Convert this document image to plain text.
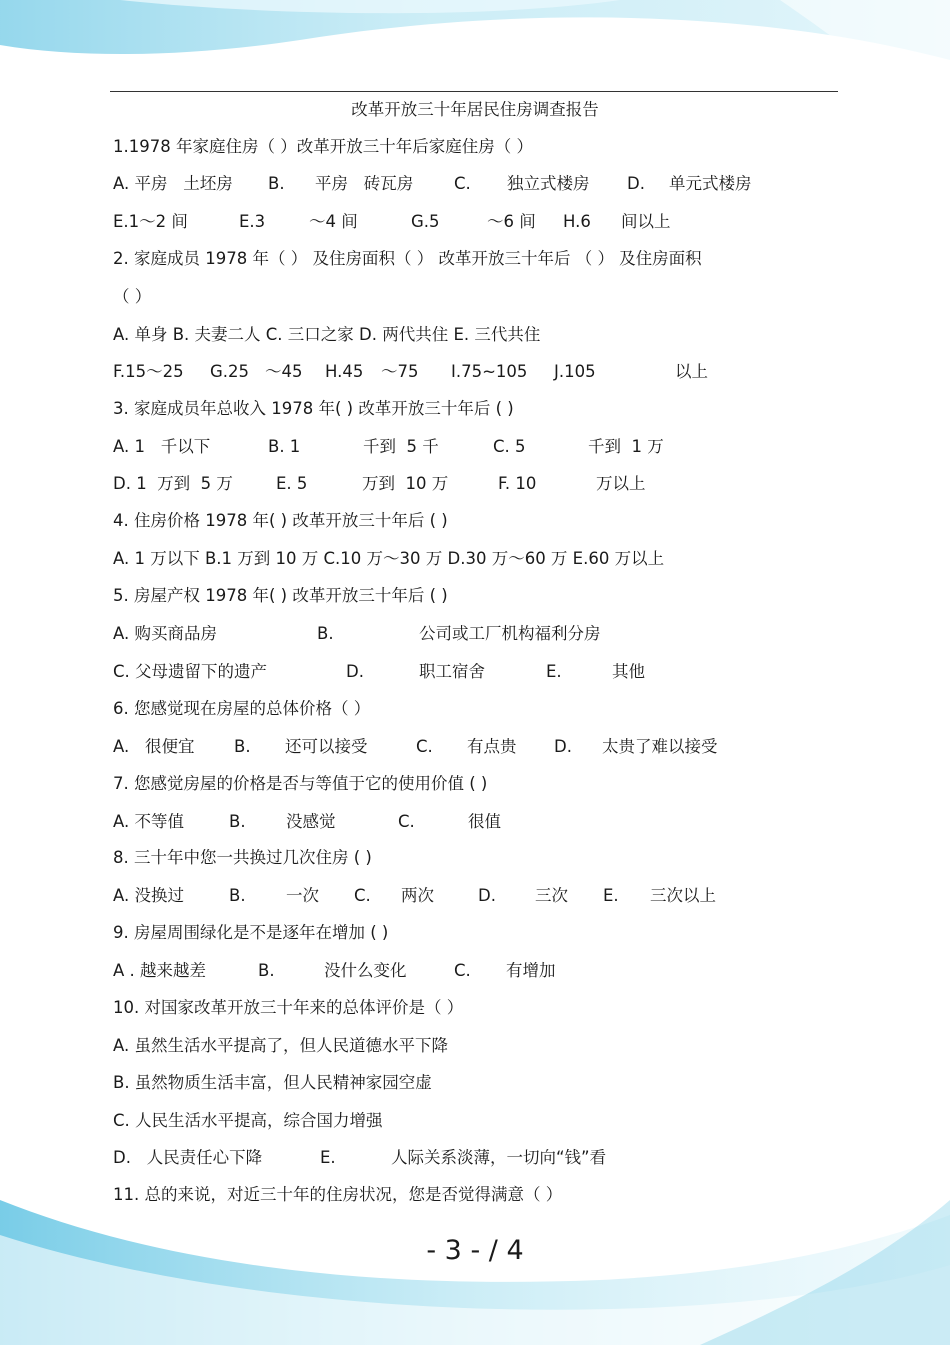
改革开放三十年居民住房调查报告
1.1978 年家庭住房（ ）改革开放三十年后家庭住房（ ）
A. 平房   土坯房 B. 平房   砖瓦房 C. 独立式楼房 D. 单元式楼房
E.1～2 间	E.3	～4 间	G.5	～6 间 H.6 间以上
2. 家庭成员 1978 年（ ） 及住房面积（ ） 改革开放三十年后 （ ） 及住房面积
（ ）
A. 单身 B. 夫妻二人 C. 三口之家 D. 两代共住 E. 三代共住
F.15～25 G.25 ～45 H.45 ～75 I.75~105 J.105	以上
3. 家庭成员年总收入 1978 年( ) 改革开放三十年后 ( )
A. 1   千以下	B. 1	千到  5 千	C. 5	千到  1 万
D. 1  万到  5 万	E. 5	万到  10 万	F. 10	万以上
4. 住房价格 1978 年( ) 改革开放三十年后 ( )
A. 1 万以下 B.1 万到 10 万 C.10 万～30 万 D.30 万～60 万 E.60 万以上
5. 房屋产权 1978 年( ) 改革开放三十年后 ( )
A. 购买商品房	B.	公司或工厂机构福利分房
C. 父母遗留下的遗产	D.	职工宿舍	E.	其他
6. 您感觉现在房屋的总体价格（ ）
A.   很便宜 B. 还可以接受	C. 有点贵 D. 太贵了难以接受
7. 您感觉房屋的价格是否与等值于它的使用价值 ( )
A. 不等值	B. 没感觉	C.	很值
8. 三十年中您一共换过几次住房 ( )
A. 没换过	B. 一次 C. 两次	D. 三次 E. 三次以上
9. 房屋周围绿化是不是逐年在增加 ( )
A . 越来越差	B.	没什么变化	C. 有增加
10. 对国家改革开放三十年来的总体评价是（ ）
A. 虽然生活水平提高了，但人民道德水平下降
B. 虽然物质生活丰富，但人民精神家园空虚
C. 人民生活水平提高，综合国力增强
D.   人民责任心下降	E.	人际关系淡薄，一切向“钱”看
11. 总的来说，对近三十年的住房状况，您是否觉得满意（ ）
- 3 - / 4
